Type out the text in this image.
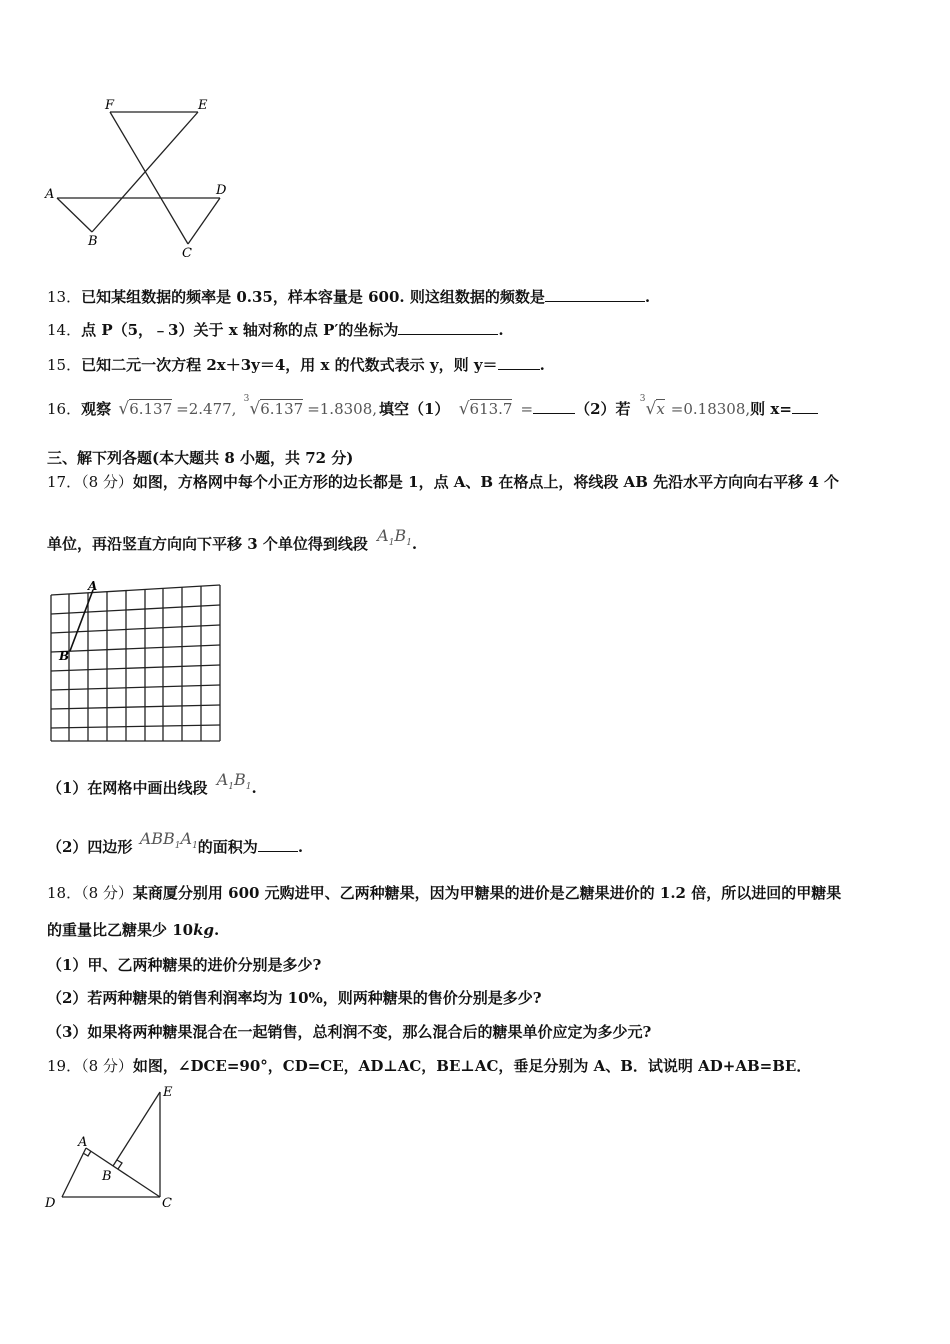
F	E
A	D
B
C
13．已知某组数据的频率是 0.35，样本容量是 600. 则这组数据的频数是	.
14．点 P（5，﹣3）关于 x 轴对称的点 P′的坐标为	.
15．已知二元一次方程 2x＋3y＝4，用 x 的代数式表示 y，则 y＝	.
16．观察 √6.137 =2.477, $^3$√6.137 =1.8308, 填空（1） √613.7 =	（2）若 $^3$√x =0.18308,则 x=
三、解下列各题(本大题共 8 小题，共 72 分)
17．（8 分）如图，方格网中每个小正方形的边长都是 1，点 A、B 在格点上，将线段 AB 先沿水平方向向右平移 4 个
单位，再沿竖直方向向下平移 3 个单位得到线段 $A_1B_1$.
A
B
（1）在网格中画出线段 $A_1B_1$.
（2）四边形 $ABB_1A_1$的面积为	.
18．（8 分）某商厦分别用 600 元购进甲、乙两种糖果，因为甲糖果的进价是乙糖果进价的 1.2 倍，所以进回的甲糖果
的重量比乙糖果少 10kg.
（1）甲、乙两种糖果的进价分别是多少?
（2）若两种糖果的销售利润率均为 10%，则两种糖果的售价分别是多少?
（3）如果将两种糖果混合在一起销售，总利润不变，那么混合后的糖果单价应定为多少元?
19．（8 分）如图，∠DCE=90°，CD=CE，AD⊥AC，BE⊥AC，垂足分别为 A、B．试说明 AD+AB=BE．
E
A
B
D	C
